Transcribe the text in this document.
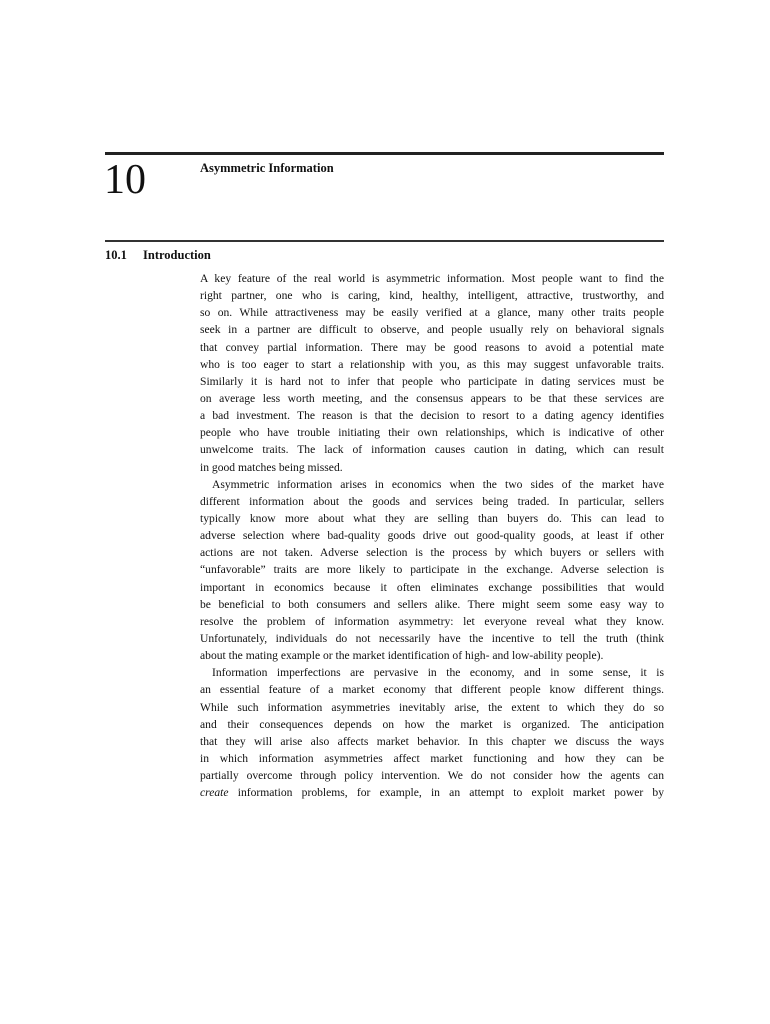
10	Asymmetric Information
10.1 Introduction
A key feature of the real world is asymmetric information. Most people want to find the
right partner, one who is caring, kind, healthy, intelligent, attractive, trustworthy, and
so on. While attractiveness may be easily verified at a glance, many other traits people
seek in a partner are difficult to observe, and people usually rely on behavioral signals
that convey partial information. There may be good reasons to avoid a potential mate
who is too eager to start a relationship with you, as this may suggest unfavorable traits.
Similarly it is hard not to infer that people who participate in dating services must be
on average less worth meeting, and the consensus appears to be that these services are
a bad investment. The reason is that the decision to resort to a dating agency identifies
people who have trouble initiating their own relationships, which is indicative of other
unwelcome traits. The lack of information causes caution in dating, which can result
in good matches being missed.
Asymmetric information arises in economics when the two sides of the market have
different information about the goods and services being traded. In particular, sellers
typically know more about what they are selling than buyers do. This can lead to
adverse selection where bad-quality goods drive out good-quality goods, at least if other
actions are not taken. Adverse selection is the process by which buyers or sellers with
“unfavorable” traits are more likely to participate in the exchange. Adverse selection is
important in economics because it often eliminates exchange possibilities that would
be beneficial to both consumers and sellers alike. There might seem some easy way to
resolve the problem of information asymmetry: let everyone reveal what they know.
Unfortunately, individuals do not necessarily have the incentive to tell the truth (think
about the mating example or the market identification of high- and low-ability people).
Information imperfections are pervasive in the economy, and in some sense, it is
an essential feature of a market economy that different people know different things.
While such information asymmetries inevitably arise, the extent to which they do so
and their consequences depends on how the market is organized. The anticipation
that they will arise also affects market behavior. In this chapter we discuss the ways
in which information asymmetries affect market functioning and how they can be
partially overcome through policy intervention. We do not consider how the agents can
create information problems, for example, in an attempt to exploit market power by
